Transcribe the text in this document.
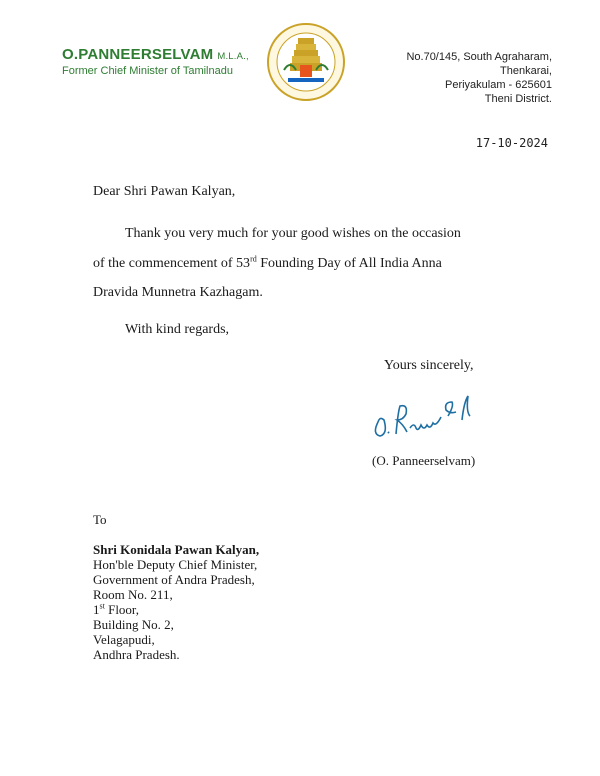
O.PANNEERSELVAM M.L.A.,
Former Chief Minister of Tamilnadu
No.70/145, South Agraharam,
Thenkarai,
Periyakulam - 625601
Theni District.
17-10-2024
Dear Shri Pawan Kalyan,
Thank you very much for your good wishes on the occasion
of the commencement of 53rd Founding Day of All India Anna
Dravida Munnetra Kazhagam.
With kind regards,
Yours sincerely,
(O. Panneerselvam)
To
Shri Konidala Pawan Kalyan,
Hon'ble Deputy Chief Minister,
Government of Andra Pradesh,
Room No. 211,
1st Floor,
Building No. 2,
Velagapudi,
Andhra Pradesh.
